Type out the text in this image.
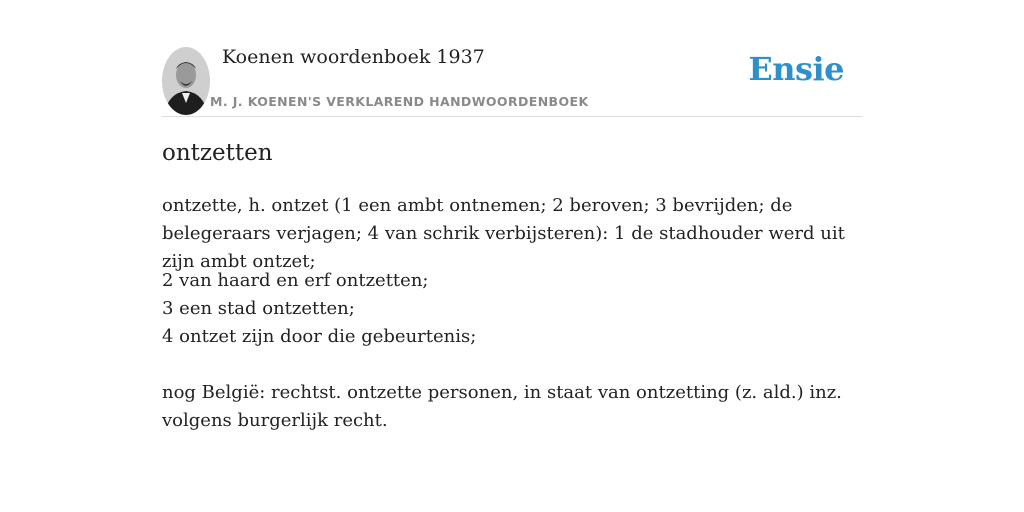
Koenen woordenboek 1937
M. J. KOENEN'S VERKLAREND HANDWOORDENBOEK
Ensie
ontzetten
ontzette, h. ontzet (1 een ambt ontnemen; 2 beroven; 3 bevrijden; de belegeraars verjagen; 4 van schrik verbijsteren): 1 de stadhouder werd uit zijn ambt ontzet;
2 van haard en erf ontzetten;
3 een stad ontzetten;
4 ontzet zijn door die gebeurtenis;
nog België: rechtst. ontzette personen, in staat van ontzetting (z. ald.) inz. volgens burgerlijk recht.
